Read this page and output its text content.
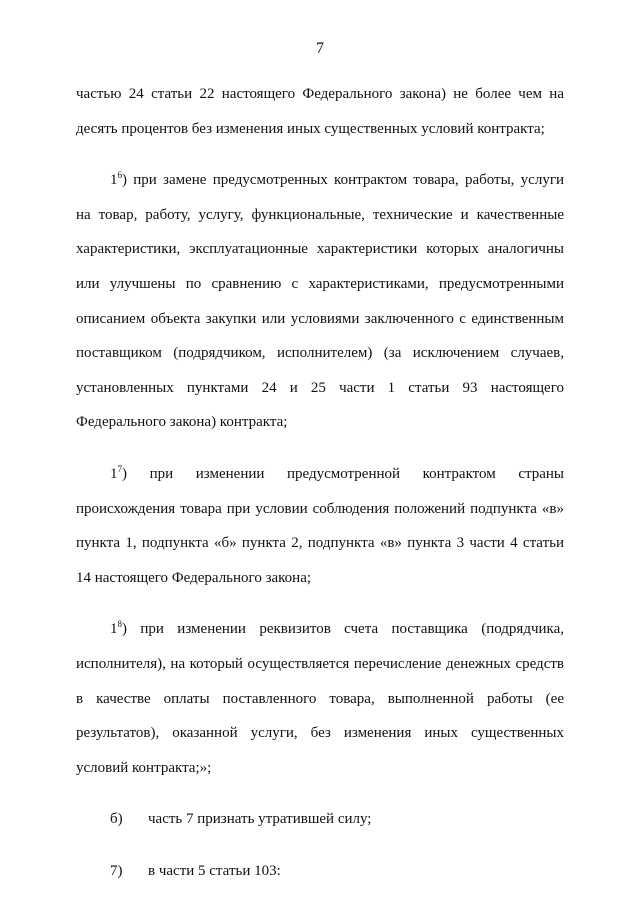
7

частью 24 статьи 22 настоящего Федерального закона) не более чем на десять процентов без изменения иных существенных условий контракта;

$1^6$) при замене предусмотренных контрактом товара, работы, услуги на товар, работу, услугу, функциональные, технические и качественные характеристики, эксплуатационные характеристики которых аналогичны или улучшены по сравнению с характеристиками, предусмотренными описанием объекта закупки или условиями заключенного с единственным поставщиком (подрядчиком, исполнителем) (за исключением случаев, установленных пунктами 24 и 25 части 1 статьи 93 настоящего Федерального закона) контракта;

$1^7$) при изменении предусмотренной контрактом страны происхождения товара при условии соблюдения положений подпункта «в» пункта 1, подпункта «б» пункта 2, подпункта «в» пункта 3 части 4 статьи 14 настоящего Федерального закона;

$1^8$) при изменении реквизитов счета поставщика (подрядчика, исполнителя), на который осуществляется перечисление денежных средств в качестве оплаты поставленного товара, выполненной работы (ее результатов), оказанной услуги, без изменения иных существенных условий контракта;»;

б)	часть 7 признать утратившей силу;
7)	в части 5 статьи 103:
